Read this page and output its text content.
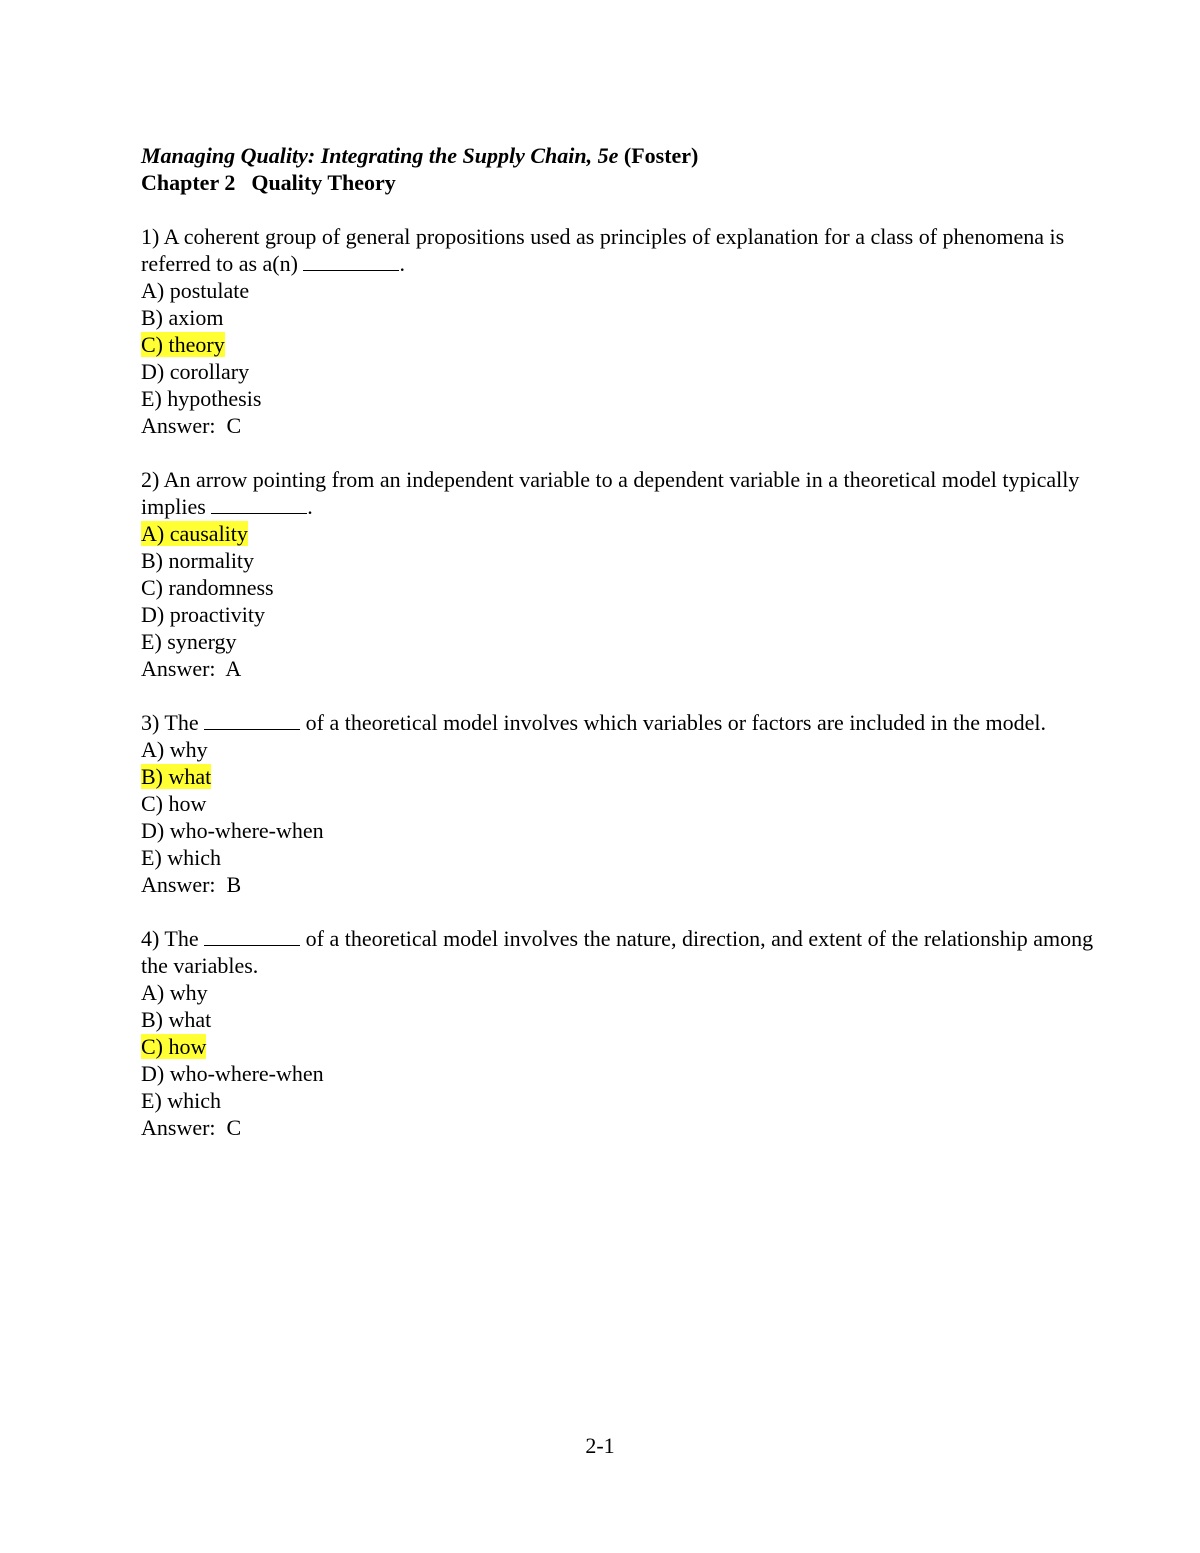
Managing Quality: Integrating the Supply Chain, 5e (Foster)

Chapter 2 Quality Theory

1) A coherent group of general propositions used as principles of explanation for a class of phenomena is referred to as a(n)	.

A) postulate

B) axiom

C) theory

D) corollary

E) hypothesis

Answer:  C

2) An arrow pointing from an independent variable to a dependent variable in a theoretical model typically implies	.

A) causality

B) normality

C) randomness

D) proactivity

E) synergy

Answer:  A

3) The	of a theoretical model involves which variables or factors are included in the model.

A) why

B) what

C) how

D) who-where-when

E) which

Answer:  B

4) The	of a theoretical model involves the nature, direction, and extent of the relationship among the variables.

A) why

B) what

C) how

D) who-where-when

E) which

Answer:  C

2-1
